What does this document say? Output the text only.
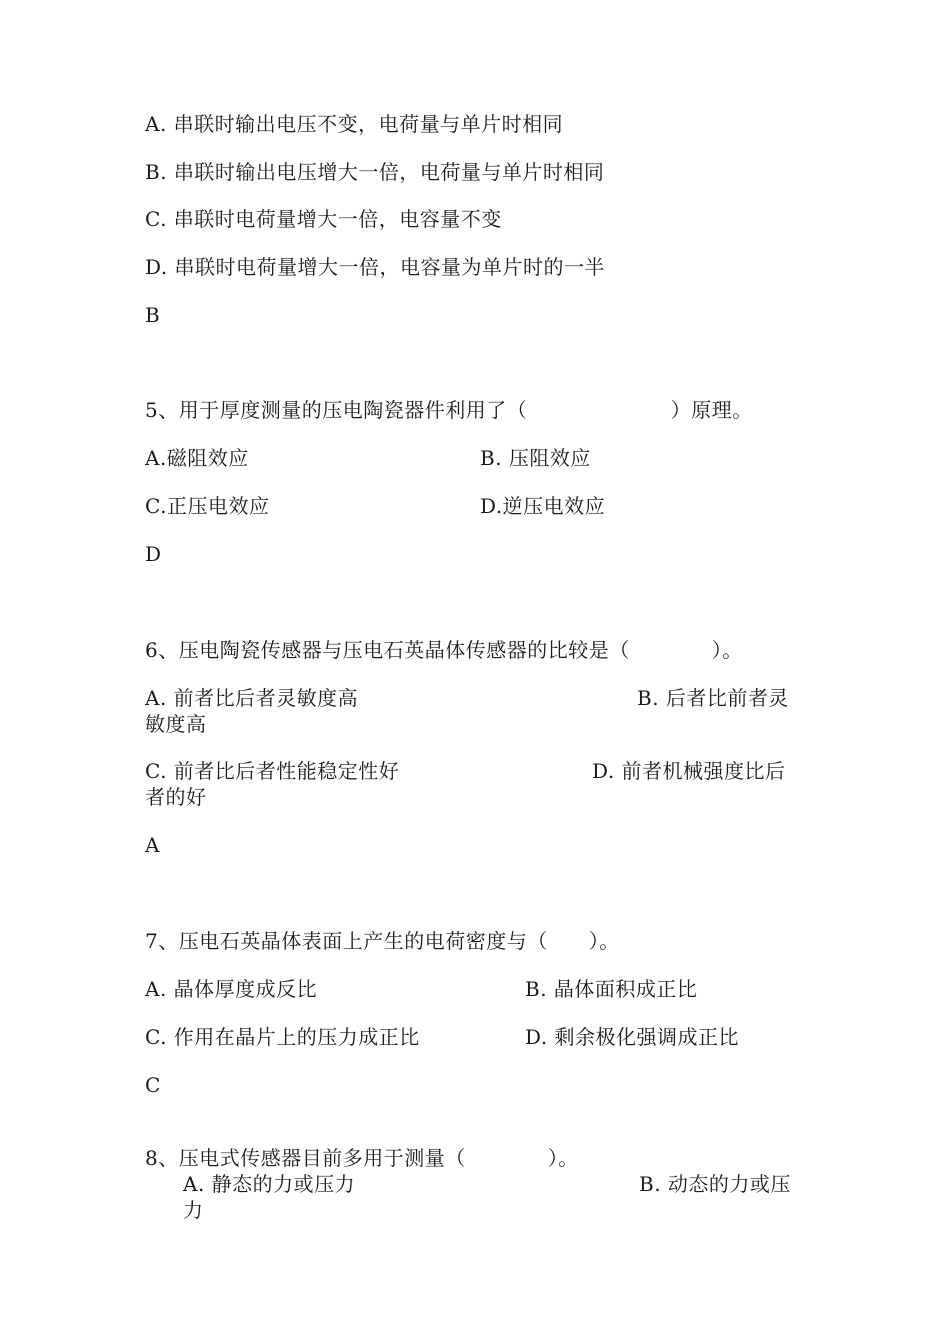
A. 串联时输出电压不变，电荷量与单片时相同
B. 串联时输出电压增大一倍，电荷量与单片时相同
C. 串联时电荷量增大一倍，电容量不变
D. 串联时电荷量增大一倍，电容量为单片时的一半
B
5、用于厚度测量的压电陶瓷器件利用了（　　　　　　　）原理。
A.磁阻效应	B. 压阻效应
C.正压电效应	D.逆压电效应
D
6、压电陶瓷传感器与压电石英晶体传感器的比较是（　　　　）。
A. 前者比后者灵敏度高	B. 后者比前者灵
敏度高
C. 前者比后者性能稳定性好	D. 前者机械强度比后
者的好
A
7、压电石英晶体表面上产生的电荷密度与（　　）。
A. 晶体厚度成反比	B. 晶体面积成正比
C. 作用在晶片上的压力成正比	D. 剩余极化强调成正比
C
8、压电式传感器目前多用于测量（　　　　）。
A. 静态的力或压力	B. 动态的力或压
力
